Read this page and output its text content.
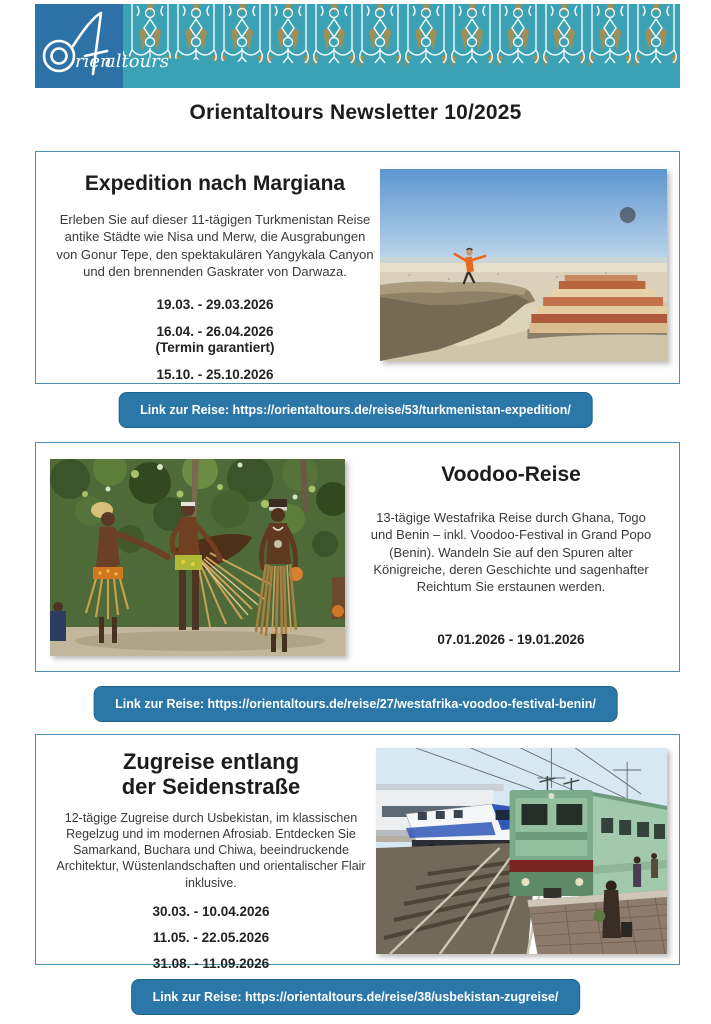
rien
altours
Orientaltours Newsletter 10/2025
Expedition nach Margiana

Erleben Sie auf dieser 11-tägigen Turkmenistan Reise antike Städte wie Nisa und Merw, die Ausgrabungen von Gonur Tepe, den spektakulären Yangykala Canyon und den brennenden Gaskrater von Darwaza.

19.03. - 29.03.2026

16.04. - 26.04.2026

(Termin garantiert)

15.10. - 25.10.2026

Link zur Reise: https://orientaltours.de/reise/53/turkmenistan-expedition/
Voodoo-Reise

13-tägige Westafrika Reise durch Ghana, Togo und Benin – inkl. Voodoo-Festival in Grand Popo (Benin). Wandeln Sie auf den Spuren alter Königreiche, deren Geschichte und sagenhafter Reichtum Sie erstaunen werden.

07.01.2026 - 19.01.2026

Link zur Reise: https://orientaltours.de/reise/27/westafrika-voodoo-festival-benin/
Zugreise entlang
der Seidenstraße

12-tägige Zugreise durch Usbekistan, im klassischen Regelzug und im modernen Afrosiab. Entdecken Sie Samarkand, Buchara und Chiwa, beeindruckende Architektur, Wüstenlandschaften und orientalischer Flair inklusive.

30.03. - 10.04.2026

11.05. - 22.05.2026

31.08. - 11.09.2026

Link zur Reise: https://orientaltours.de/reise/38/usbekistan-zugreise/
